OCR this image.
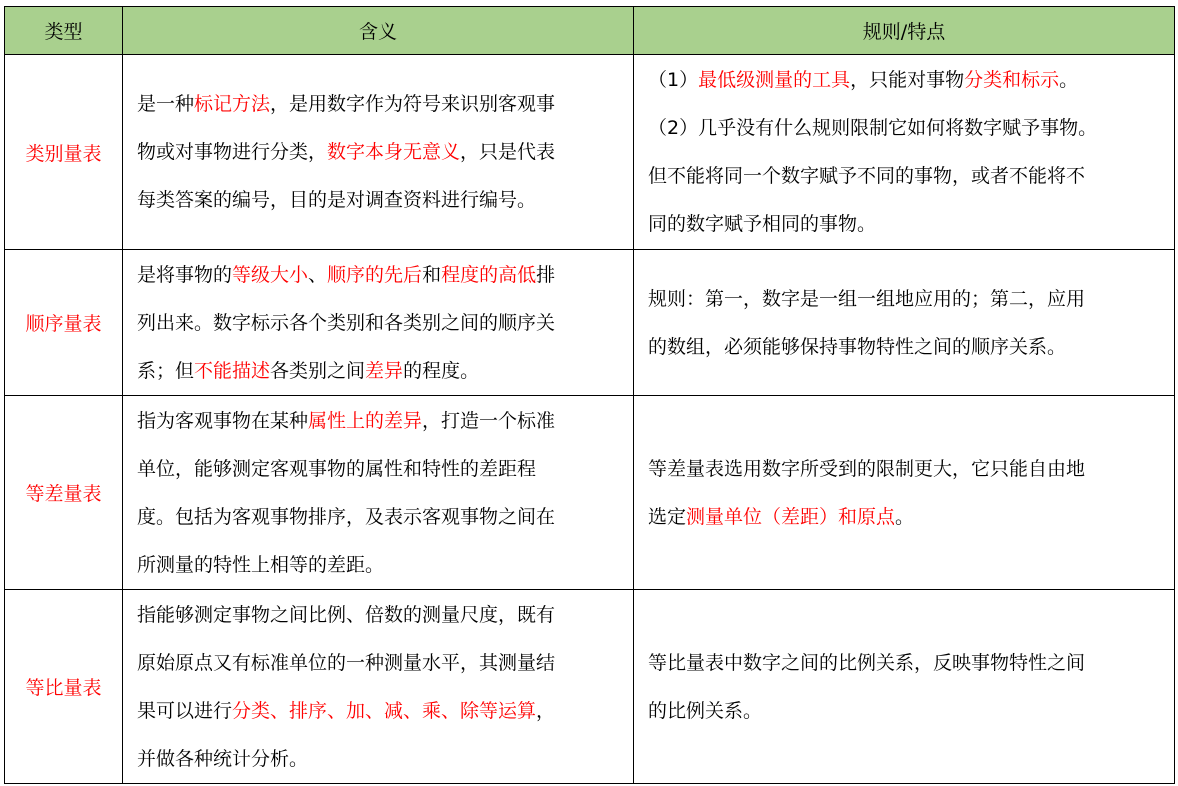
类型	含义	规则/特点
类别量表	是一种标记方法，是用数字作为符号来识别客观事
物或对事物进行分类，数字本身无意义，只是代表
每类答案的编号，目的是对调查资料进行编号。	（1）最低级测量的工具，只能对事物分类和标示。
（2）几乎没有什么规则限制它如何将数字赋予事物。
但不能将同一个数字赋予不同的事物，或者不能将不
同的数字赋予相同的事物。

顺序量表	是将事物的等级大小、顺序的先后和程度的高低排
列出来。数字标示各个类别和各类别之间的顺序关
系；但不能描述各类别之间差异的程度。	规则：第一，数字是一组一组地应用的；第二，应用
的数组，必须能够保持事物特性之间的顺序关系。

等差量表	指为客观事物在某种属性上的差异，打造一个标准
单位，能够测定客观事物的属性和特性的差距程
度。包括为客观事物排序，及表示客观事物之间在
所测量的特性上相等的差距。	等差量表选用数字所受到的限制更大，它只能自由地
选定测量单位（差距）和原点。

等比量表	指能够测定事物之间比例、倍数的测量尺度，既有
原始原点又有标准单位的一种测量水平，其测量结
果可以进行分类、排序、加、减、乘、除等运算，
并做各种统计分析。	等比量表中数字之间的比例关系，反映事物特性之间
的比例关系。
